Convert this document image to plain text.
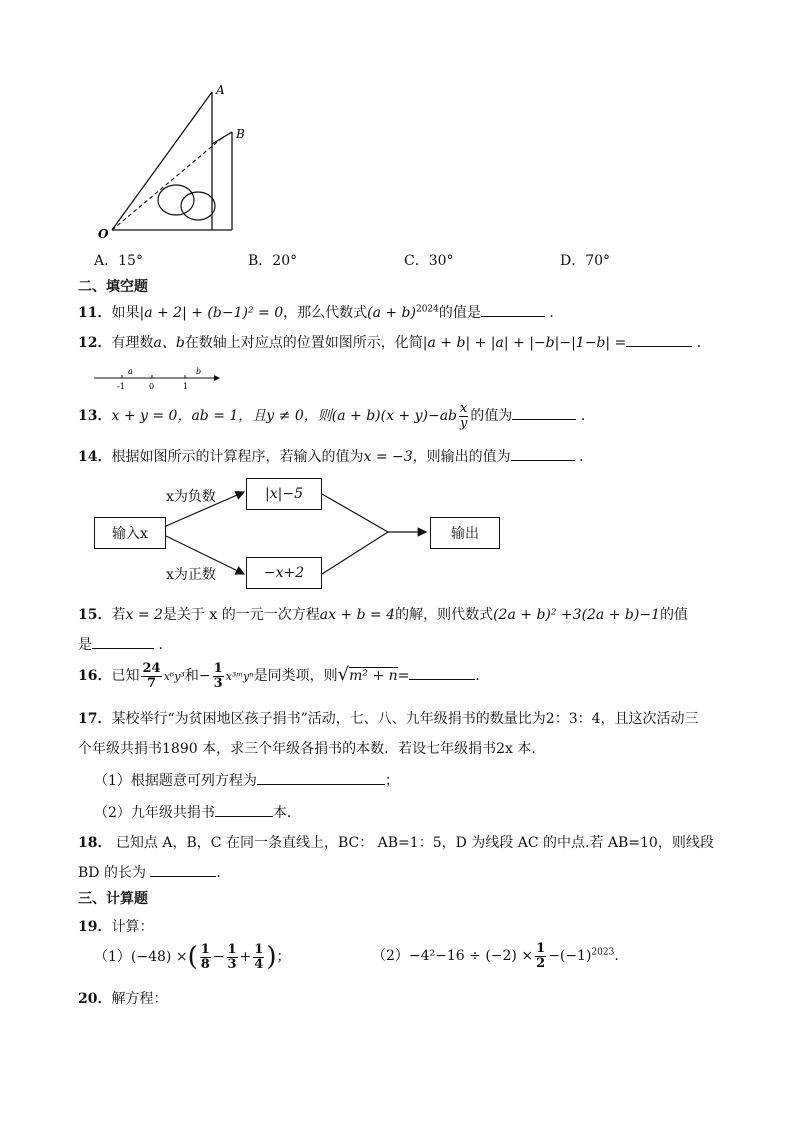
A
B
O
A．15°	B．20°	C．30°	D．70°
二、填空题
11．如果|a + 2| + (b−1)² = 0，那么代数式$(a + b)^{2024}$的值是	．
12．有理数a、b在数轴上对应点的位置如图所示，化简|a + b| + |a| + |−b|−|1−b| =	．
a	b
-1	0	1
13．x + y = 0，ab = 1，且y ≠ 0，则$(a + b)(x + y)-ab \frac{x}{y}$ 的值为	．
14．根据如图所示的计算程序，若输入的值为x = −3，则输出的值为	．
输入x
x为负数
x为正数
|x|−5
−x+2
输出
15．若x = 2是关于 x 的一元一次方程ax + b = 4的解，则代数式(2a + b)² +3(2a + b)−1的值
是	．
16．已知 $\frac{24}{7} x^6y^3$和− $\frac{1}{3}$ x³ᵐyⁿ是同类项，则√m² + n=	．
17．某校举行“为贫困地区孩子捐书”活动，七、八、九年级捐书的数量比为2：3：4，且这次活动三
个年级共捐书1890 本，求三个年级各捐书的本数．若设七年级捐书2x 本．
（1）根据题意可列方程为	；
（2）九年级共捐书	本．
18． 已知点 A，B，C 在同一条直线上，BC： AB=1：5，D 为线段 AC 的中点.若 AB=10，则线段
BD 的长为	.
三、计算题
19．计算：
（1）(−48) ×( $\frac{1}{8} - \frac{1}{3} + \frac{1}{4}$ )；	$(2)-4^2-16 \div (-2) \times \frac{1}{2} -(-1)^{2023}$.
20．解方程：
